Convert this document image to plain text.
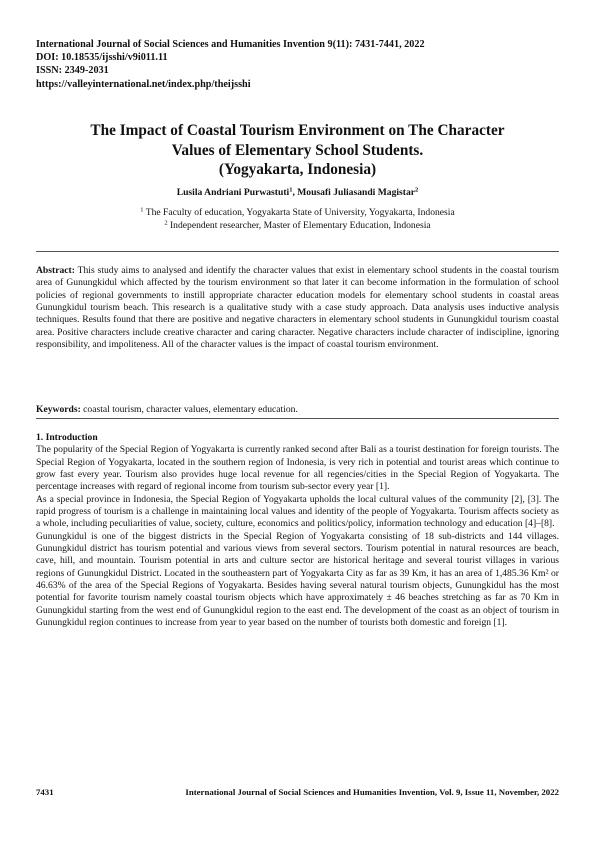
International Journal of Social Sciences and Humanities Invention 9(11): 7431-7441, 2022
DOI: 10.18535/ijsshi/v9i011.11
ISSN: 2349-2031
https://valleyinternational.net/index.php/theijsshi
The Impact of Coastal Tourism Environment on The Character
Values of Elementary School Students.
(Yogyakarta, Indonesia)
Lusila Andriani Purwastuti$^1$, Mousafi Juliasandi Magistar$^2$
$^1$ The Faculty of education, Yogyakarta State of University, Yogyakarta, Indonesia
$^2$ Independent researcher, Master of Elementary Education, Indonesia
Abstract: This study aims to analysed and identify the character values that exist in elementary school students in the coastal tourism area of Gunungkidul which affected by the tourism environment so that later it can become information in the formulation of school policies of regional governments to instill appropriate character education models for elementary school students in coastal areas Gunungkidul tourism beach. This research is a qualitative study with a case study approach. Data analysis uses inductive analysis techniques. Results found that there are positive and negative characters in elementary school students in Gunungkidul tourism coastal area. Positive characters include creative character and caring character. Negative characters include character of indiscipline, ignoring responsibility, and impoliteness. All of the character values is the impact of coastal tourism environment.
Keywords: coastal tourism, character values, elementary education.
1. Introduction
The popularity of the Special Region of Yogyakarta is currently ranked second after Bali as a tourist destination for foreign tourists. The Special Region of Yogyakarta, located in the southern region of Indonesia, is very rich in potential and tourist areas which continue to grow fast every year. Tourism also provides huge local revenue for all regencies/cities in the Special Region of Yogyakarta. The percentage increases with regard of regional income from tourism sub-sector every year [1].
As a special province in Indonesia, the Special Region of Yogyakarta upholds the local cultural values of the community [2], [3]. The rapid progress of tourism is a challenge in maintaining local values and identity of the people of Yogyakarta. Tourism affects society as a whole, including peculiarities of value, society, culture, economics and politics/policy, information technology and education [4]–[8].
Gunungkidul is one of the biggest districts in the Special Region of Yogyakarta consisting of 18 sub-districts and 144 villages. Gunungkidul district has tourism potential and various views from several sectors. Tourism potential in natural resources are beach, cave, hill, and mountain. Tourism potential in arts and culture sector are historical heritage and several tourist villages in various regions of Gunungkidul District. Located in the southeastern part of Yogyakarta City as far as 39 Km, it has an area of 1,485.36 Km² or 46.63% of the area of the Special Regions of Yogyakarta. Besides having several natural tourism objects, Gunungkidul has the most potential for favorite tourism namely coastal tourism objects which have approximately ± 46 beaches stretching as far as 70 Km in Gunungkidul starting from the west end of Gunungkidul region to the east end. The development of the coast as an object of tourism in Gunungkidul region continues to increase from year to year based on the number of tourists both domestic and foreign [1].
7431	International Journal of Social Sciences and Humanities Invention, Vol. 9, Issue 11, November, 2022
